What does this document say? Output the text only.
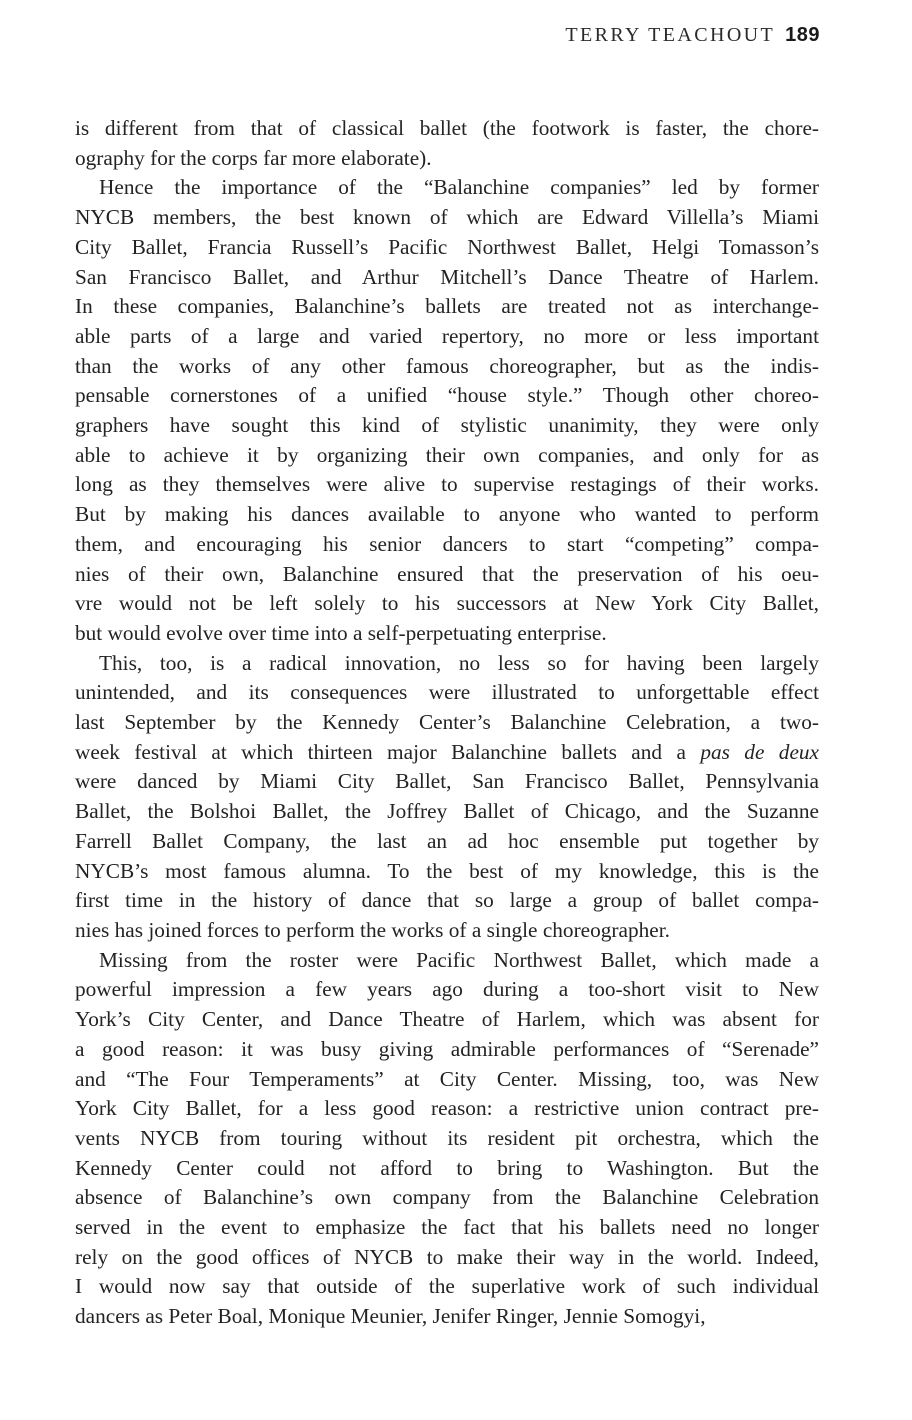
TERRY TEACHOUT 189

is different from that of classical ballet (the footwork is faster, the chore-

ography for the corps far more elaborate).

Hence the importance of the “Balanchine companies” led by former

NYCB members, the best known of which are Edward Villella’s Miami

City Ballet, Francia Russell’s Pacific Northwest Ballet, Helgi Tomasson’s

San Francisco Ballet, and Arthur Mitchell’s Dance Theatre of Harlem.

In these companies, Balanchine’s ballets are treated not as interchange-

able parts of a large and varied repertory, no more or less important

than the works of any other famous choreographer, but as the indis-

pensable cornerstones of a unified “house style.” Though other choreo-

graphers have sought this kind of stylistic unanimity, they were only

able to achieve it by organizing their own companies, and only for as

long as they themselves were alive to supervise restagings of their works.

But by making his dances available to anyone who wanted to perform

them, and encouraging his senior dancers to start “competing” compa-

nies of their own, Balanchine ensured that the preservation of his oeu-

vre would not be left solely to his successors at New York City Ballet,

but would evolve over time into a self-perpetuating enterprise.

This, too, is a radical innovation, no less so for having been largely

unintended, and its consequences were illustrated to unforgettable effect

last September by the Kennedy Center’s Balanchine Celebration, a two-

week festival at which thirteen major Balanchine ballets and a pas de deux

were danced by Miami City Ballet, San Francisco Ballet, Pennsylvania

Ballet, the Bolshoi Ballet, the Joffrey Ballet of Chicago, and the Suzanne

Farrell Ballet Company, the last an ad hoc ensemble put together by

NYCB’s most famous alumna. To the best of my knowledge, this is the

first time in the history of dance that so large a group of ballet compa-

nies has joined forces to perform the works of a single choreographer.

Missing from the roster were Pacific Northwest Ballet, which made a

powerful impression a few years ago during a too-short visit to New

York’s City Center, and Dance Theatre of Harlem, which was absent for

a good reason: it was busy giving admirable performances of “Serenade”

and “The Four Temperaments” at City Center. Missing, too, was New

York City Ballet, for a less good reason: a restrictive union contract pre-

vents NYCB from touring without its resident pit orchestra, which the

Kennedy Center could not afford to bring to Washington. But the

absence of Balanchine’s own company from the Balanchine Celebration

served in the event to emphasize the fact that his ballets need no longer

rely on the good offices of NYCB to make their way in the world. Indeed,

I would now say that outside of the superlative work of such individual

dancers as Peter Boal, Monique Meunier, Jenifer Ringer, Jennie Somogyi,
